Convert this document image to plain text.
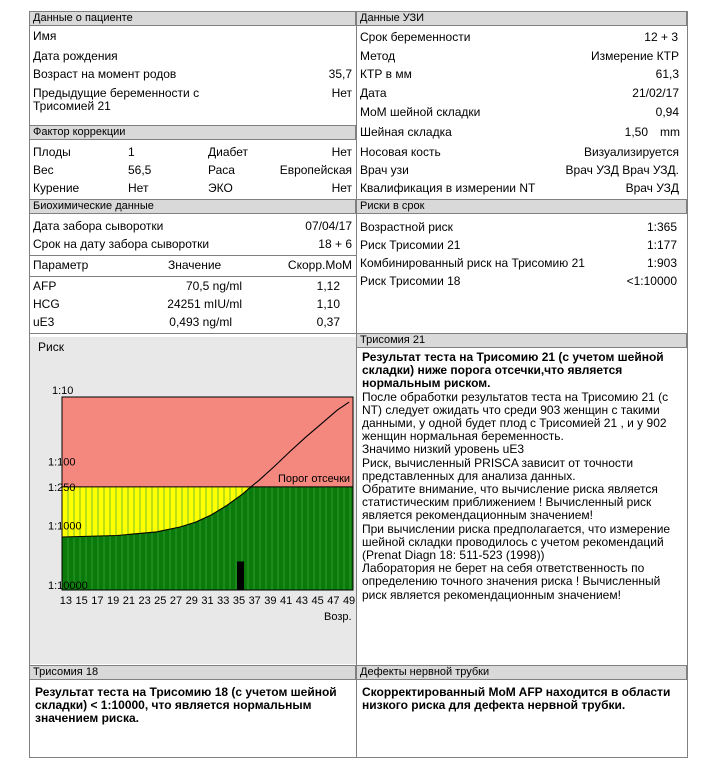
Данные о пациенте
Имя
Дата рождения
Возраст на момент родов	35,7
Предыдущие беременности с
Трисомией 21
Нет
Фактор коррекции
Плоды	1	Диабет	Нет
Вес	56,5	Раса	Европейская
Курение	Нет	ЭКО	Нет
Биохимические данные
Дата забора сыворотки	07/04/17
Срок на дату забора сыворотки	18 + 6
Параметр	Значение	Скорр.MoM
AFP	70,5 ng/ml	1,12
HCG	24251 mIU/ml	1,10
uE3	0,493 ng/ml	0,37
Данные УЗИ
Срок беременности	12 + 3
Метод	Измерение КТР
КТР в мм	61,3
Дата	21/02/17
MoM шейной складки	0,94
Шейная складка	1,50 mm
Носовая кость	Визуализируется
Врач узи	Врач УЗД Врач УЗД.
Квалификация в измерении NT	Врач УЗД
Риски в срок
Возрастной риск	1:365
Риск Трисомии 21	1:177
Комбинированный риск на Трисомию 21	1:903
Риск Трисомии 18	<1:10000
Риск
Порог отсечки
1:10
1:100
1:250
1:1000
1:10000
13 15 17 19 21 23 25 27 29 31 33 35 37 39 41 43 45 47 49
Возр.
Трисомия 21
Результат теста на Трисомию 21 (с учетом шейной складки) ниже порога отсечки,что является нормальным риском.
После обработки результатов теста на Трисомию 21 (с NT) следует ожидать что среди 903 женщин с такими данными, у одной будет плод с Трисомией 21 , и у 902 женщин нормальная беременность.
Значимо низкий уровень uE3
Риск, вычисленный PRISCA зависит от точности представленных для анализа данных.
Обратите внимание, что вычисление риска является статистическим приближением ! Вычисленный риск является рекомендационным значением!
При вычислении риска предполагается, что измерение шейной складки проводилось с учетом рекомендаций (Prenat Diagn 18: 511-523 (1998))
Лаборатория не берет на себя ответственность по определению точного значения риска ! Вычисленный риск является рекомендационным значением!
Трисомия 18
Результат теста на Трисомию 18 (с учетом шейной складки) < 1:10000, что является нормальным значением риска.
Дефекты нервной трубки
Скорректированный MoM AFP находится в области низкого риска для дефекта нервной трубки.
